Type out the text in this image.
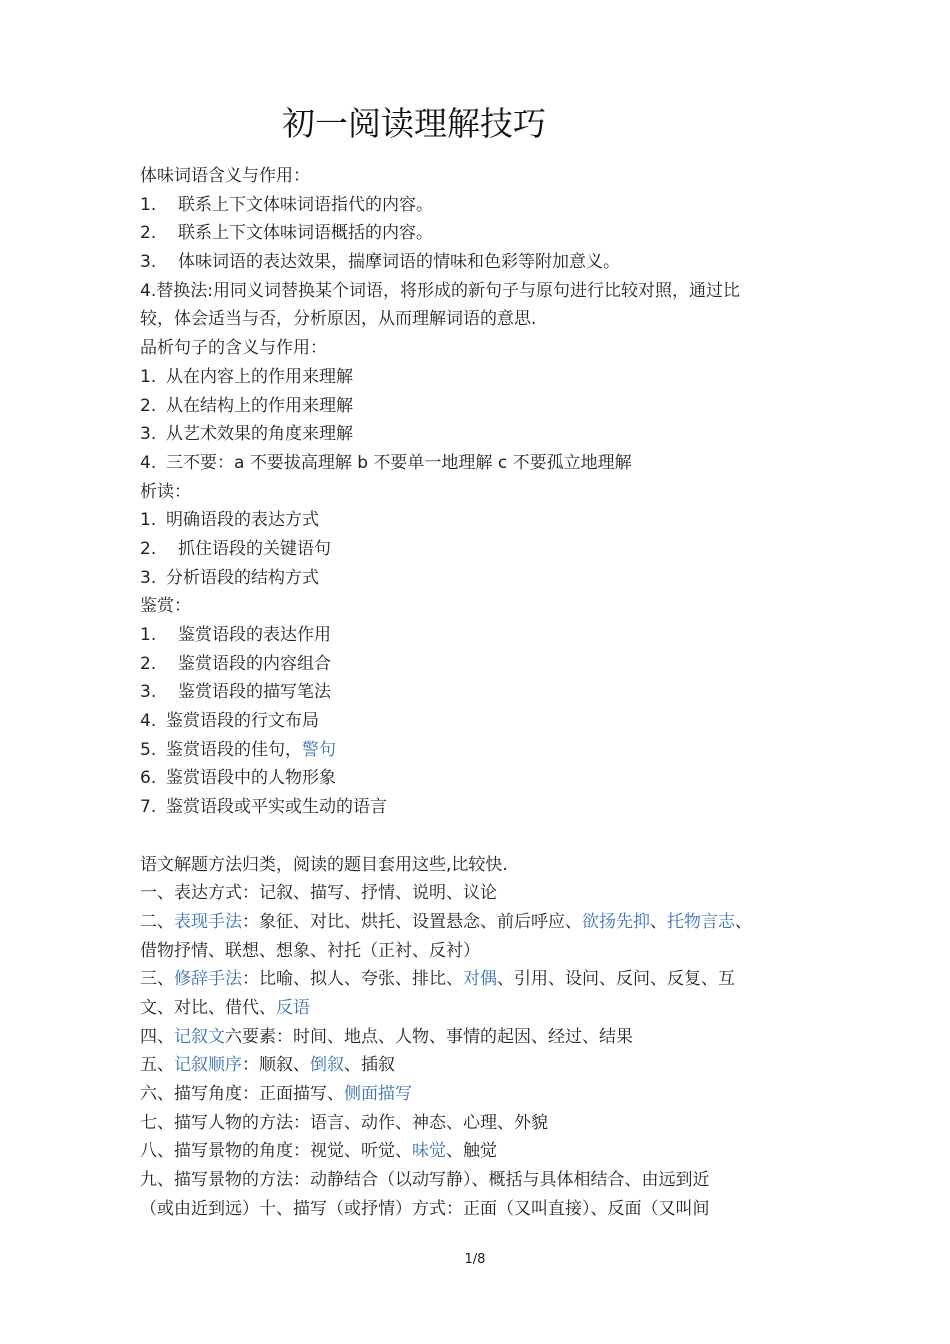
初一阅读理解技巧
体味词语含义与作用：
1. 联系上下文体味词语指代的内容。
2. 联系上下文体味词语概括的内容。
3. 体味词语的表达效果，揣摩词语的情味和色彩等附加意义。
4.替换法:用同义词替换某个词语，将形成的新句子与原句进行比较对照，通过比
较，体会适当与否，分析原因，从而理解词语的意思.
品析句子的含义与作用：
1. 从在内容上的作用来理解
2. 从在结构上的作用来理解
3. 从艺术效果的角度来理解
4. 三不要：a 不要拔高理解 b 不要单一地理解 c 不要孤立地理解
析读：
1. 明确语段的表达方式
2. 抓住语段的关键语句
3. 分析语段的结构方式
鉴赏：
1. 鉴赏语段的表达作用
2. 鉴赏语段的内容组合
3. 鉴赏语段的描写笔法
4. 鉴赏语段的行文布局
5. 鉴赏语段的佳句，警句
6. 鉴赏语段中的人物形象
7. 鉴赏语段或平实或生动的语言
语文解题方法归类，阅读的题目套用这些,比较快.
一、表达方式：记叙、描写、抒情、说明、议论
二、表现手法：象征、对比、烘托、设置悬念、前后呼应、欲扬先抑、托物言志、
借物抒情、联想、想象、衬托（正衬、反衬）
三、修辞手法：比喻、拟人、夸张、排比、对偶、引用、设问、反问、反复、互
文、对比、借代、反语
四、记叙文六要素：时间、地点、人物、事情的起因、经过、结果
五、记叙顺序：顺叙、倒叙、插叙
六、描写角度：正面描写、侧面描写
七、描写人物的方法：语言、动作、神态、心理、外貌
八、描写景物的角度：视觉、听觉、味觉、触觉
九、描写景物的方法：动静结合（以动写静）、概括与具体相结合、由远到近
（或由近到远）十、描写（或抒情）方式：正面（又叫直接）、反面（又叫间
1/8
